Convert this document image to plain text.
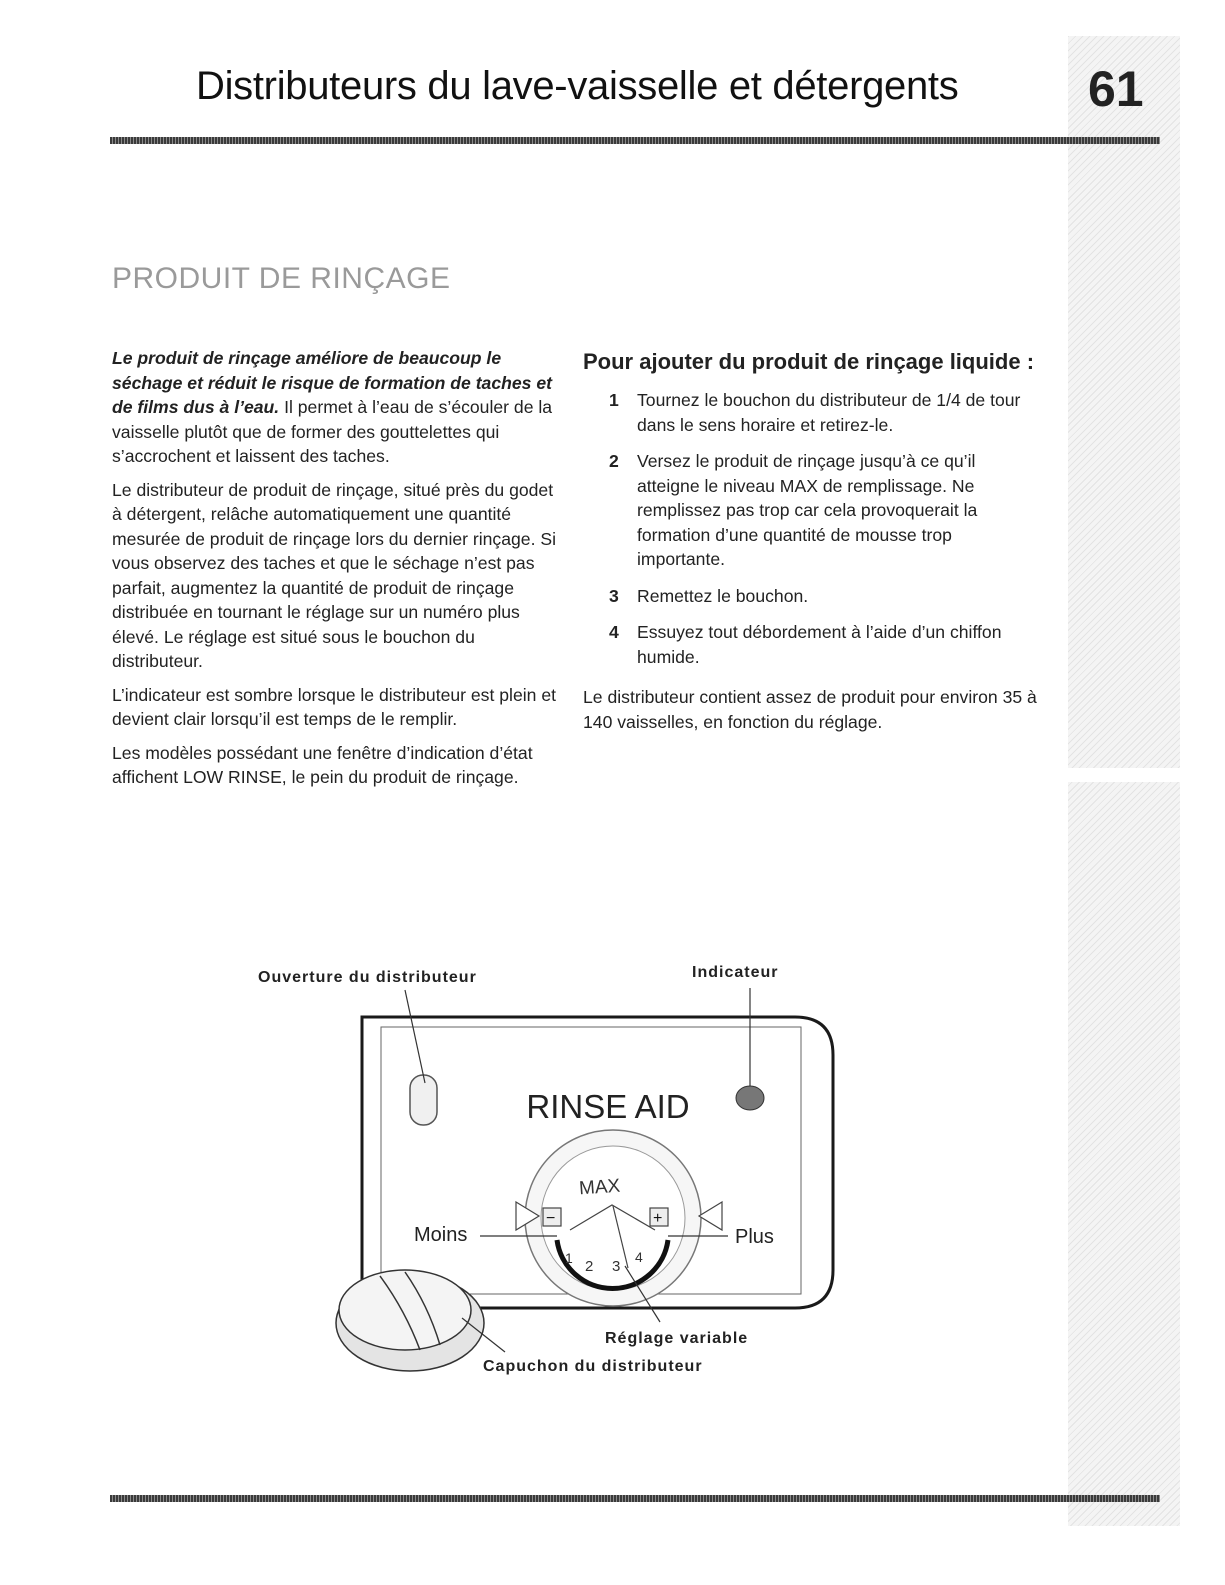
Distributeurs du lave-vaisselle et détergents	61
PRODUIT DE RINÇAGE

Le produit de rinçage améliore de beaucoup le séchage et réduit le risque de formation de taches et de films dus à l’eau. Il permet à l’eau de s’écouler de la vaisselle plutôt que de former des gouttelettes qui s’accrochent et laissent des taches.

Le distributeur de produit de rinçage, situé près du godet à détergent, relâche automatiquement une quantité mesurée de produit de rinçage lors du dernier rinçage. Si vous observez des taches et que le séchage n’est pas parfait, augmentez la quantité de produit de rinçage distribuée en tournant le réglage sur un numéro plus élevé. Le réglage est situé sous le bouchon du distributeur.

L’indicateur est sombre lorsque le distributeur est plein et devient clair lorsqu’il est temps de le remplir.

Les modèles possédant une fenêtre d’indication d’état affichent LOW RINSE, le pein du produit de rinçage.

Pour ajouter du produit de rinçage liquide :
1 Tournez le bouchon du distributeur de 1/4 de tour dans le sens horaire et retirez-le.
2 Versez le produit de rinçage jusqu’à ce qu’il atteigne le niveau MAX de remplissage. Ne remplissez pas trop car cela provoquerait la formation d’une quantité de mousse trop importante.
3 Remettez le bouchon.
4 Essuyez tout débordement à l’aide d’un chiffon humide.

Le distributeur contient assez de produit pour environ 35 à 140 vaisselles, en fonction du réglage.

RINSE AID
MAX
1 2 3
4
−	+
Moins	Plus
Ouverture du distributeur	Indicateur
Réglage variable
Capuchon du distributeur
